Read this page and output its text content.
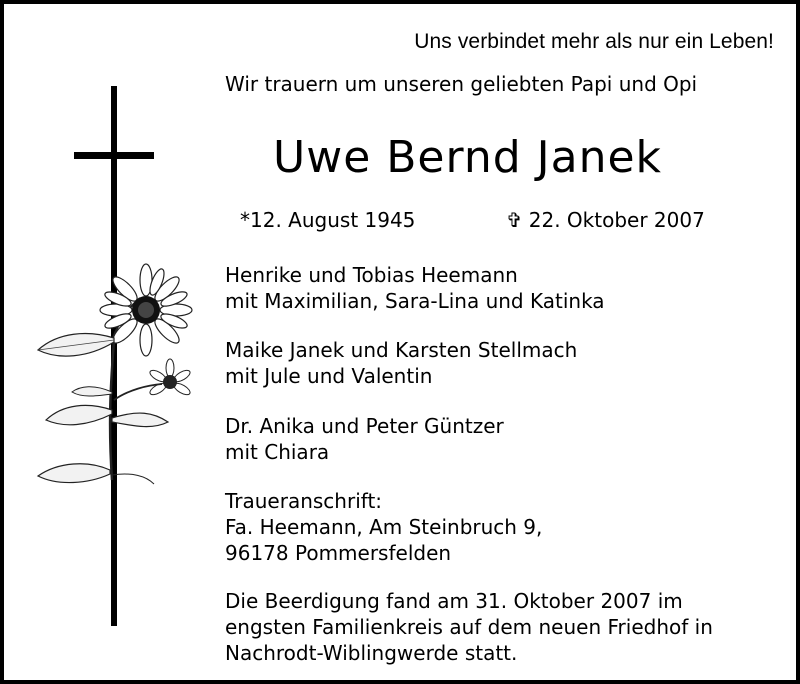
Uns verbindet mehr als nur ein Leben!
Wir trauern um unseren geliebten Papi und Opi
Uwe Bernd Janek
*12. August 1945	✞ 22. Oktober 2007
Henrike und Tobias Heemann
mit Maximilian, Sara-Lina und Katinka
Maike Janek und Karsten Stellmach
mit Jule und Valentin
Dr. Anika und Peter Güntzer
mit Chiara
Traueranschrift:
Fa. Heemann, Am Steinbruch 9,
96178 Pommersfelden
Die Beerdigung fand am 31. Oktober 2007 im
engsten Familienkreis auf dem neuen Friedhof in
Nachrodt-Wiblingwerde statt.
